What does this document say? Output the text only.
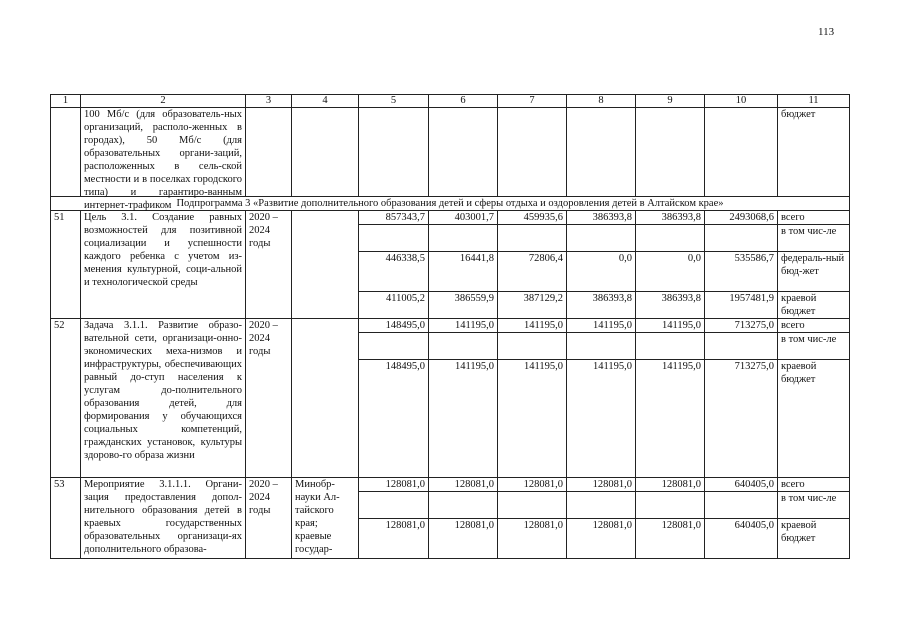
113
1	2	3	4	5	6	7	8	9	10	11

	100 Мб/с (для образователь-ных организаций, располо-женных в городах), 50 Мб/с (для образовательных органи-заций, расположенных в сель-ской местности и в поселках городского типа) и гарантиро-ванным интернет-трафиком									бюджет
Подпрограмма 3 «Развитие дополнительного образования детей и сферы отдыха и оздоровления детей в Алтайском крае»										
51	Цель 3.1. Создание равных возможностей для позитивной социализации и успешности каждого ребенка с учетом из-менения культурной, соци-альной и технологической среды	2020 – 2024 годы		857343,7	403001,7	459935,6	386393,8	386393,8	2493068,6	всего
										в том чис-ле
				446338,5	16441,8	72806,4	0,0	0,0	535586,7	федераль-ный бюд-жет
				411005,2	386559,9	387129,2	386393,8	386393,8	1957481,9	краевой бюджет
52	Задача 3.1.1. Развитие образо-вательной сети, организаци-онно-экономических меха-низмов и инфраструктуры, обеспечивающих равный до-ступ населения к услугам до-полнительного образования детей, для формирования у обучающихся социальных компетенций, гражданских установок, культуры здорово-го образа жизни	2020 – 2024 годы		148495,0	141195,0	141195,0	141195,0	141195,0	713275,0	всего
										в том чис-ле
				148495,0	141195,0	141195,0	141195,0	141195,0	713275,0	краевой бюджет
53	Мероприятие 3.1.1.1. Органи-зация предоставления допол-нительного образования детей в краевых государственных образовательных организаци-ях дополнительного образова-	2020 – 2024 годы	Минобр-науки Ал-тайского края; краевые государ-	128081,0	128081,0	128081,0	128081,0	128081,0	640405,0	всего
										в том чис-ле
				128081,0	128081,0	128081,0	128081,0	128081,0	640405,0	краевой бюджет
